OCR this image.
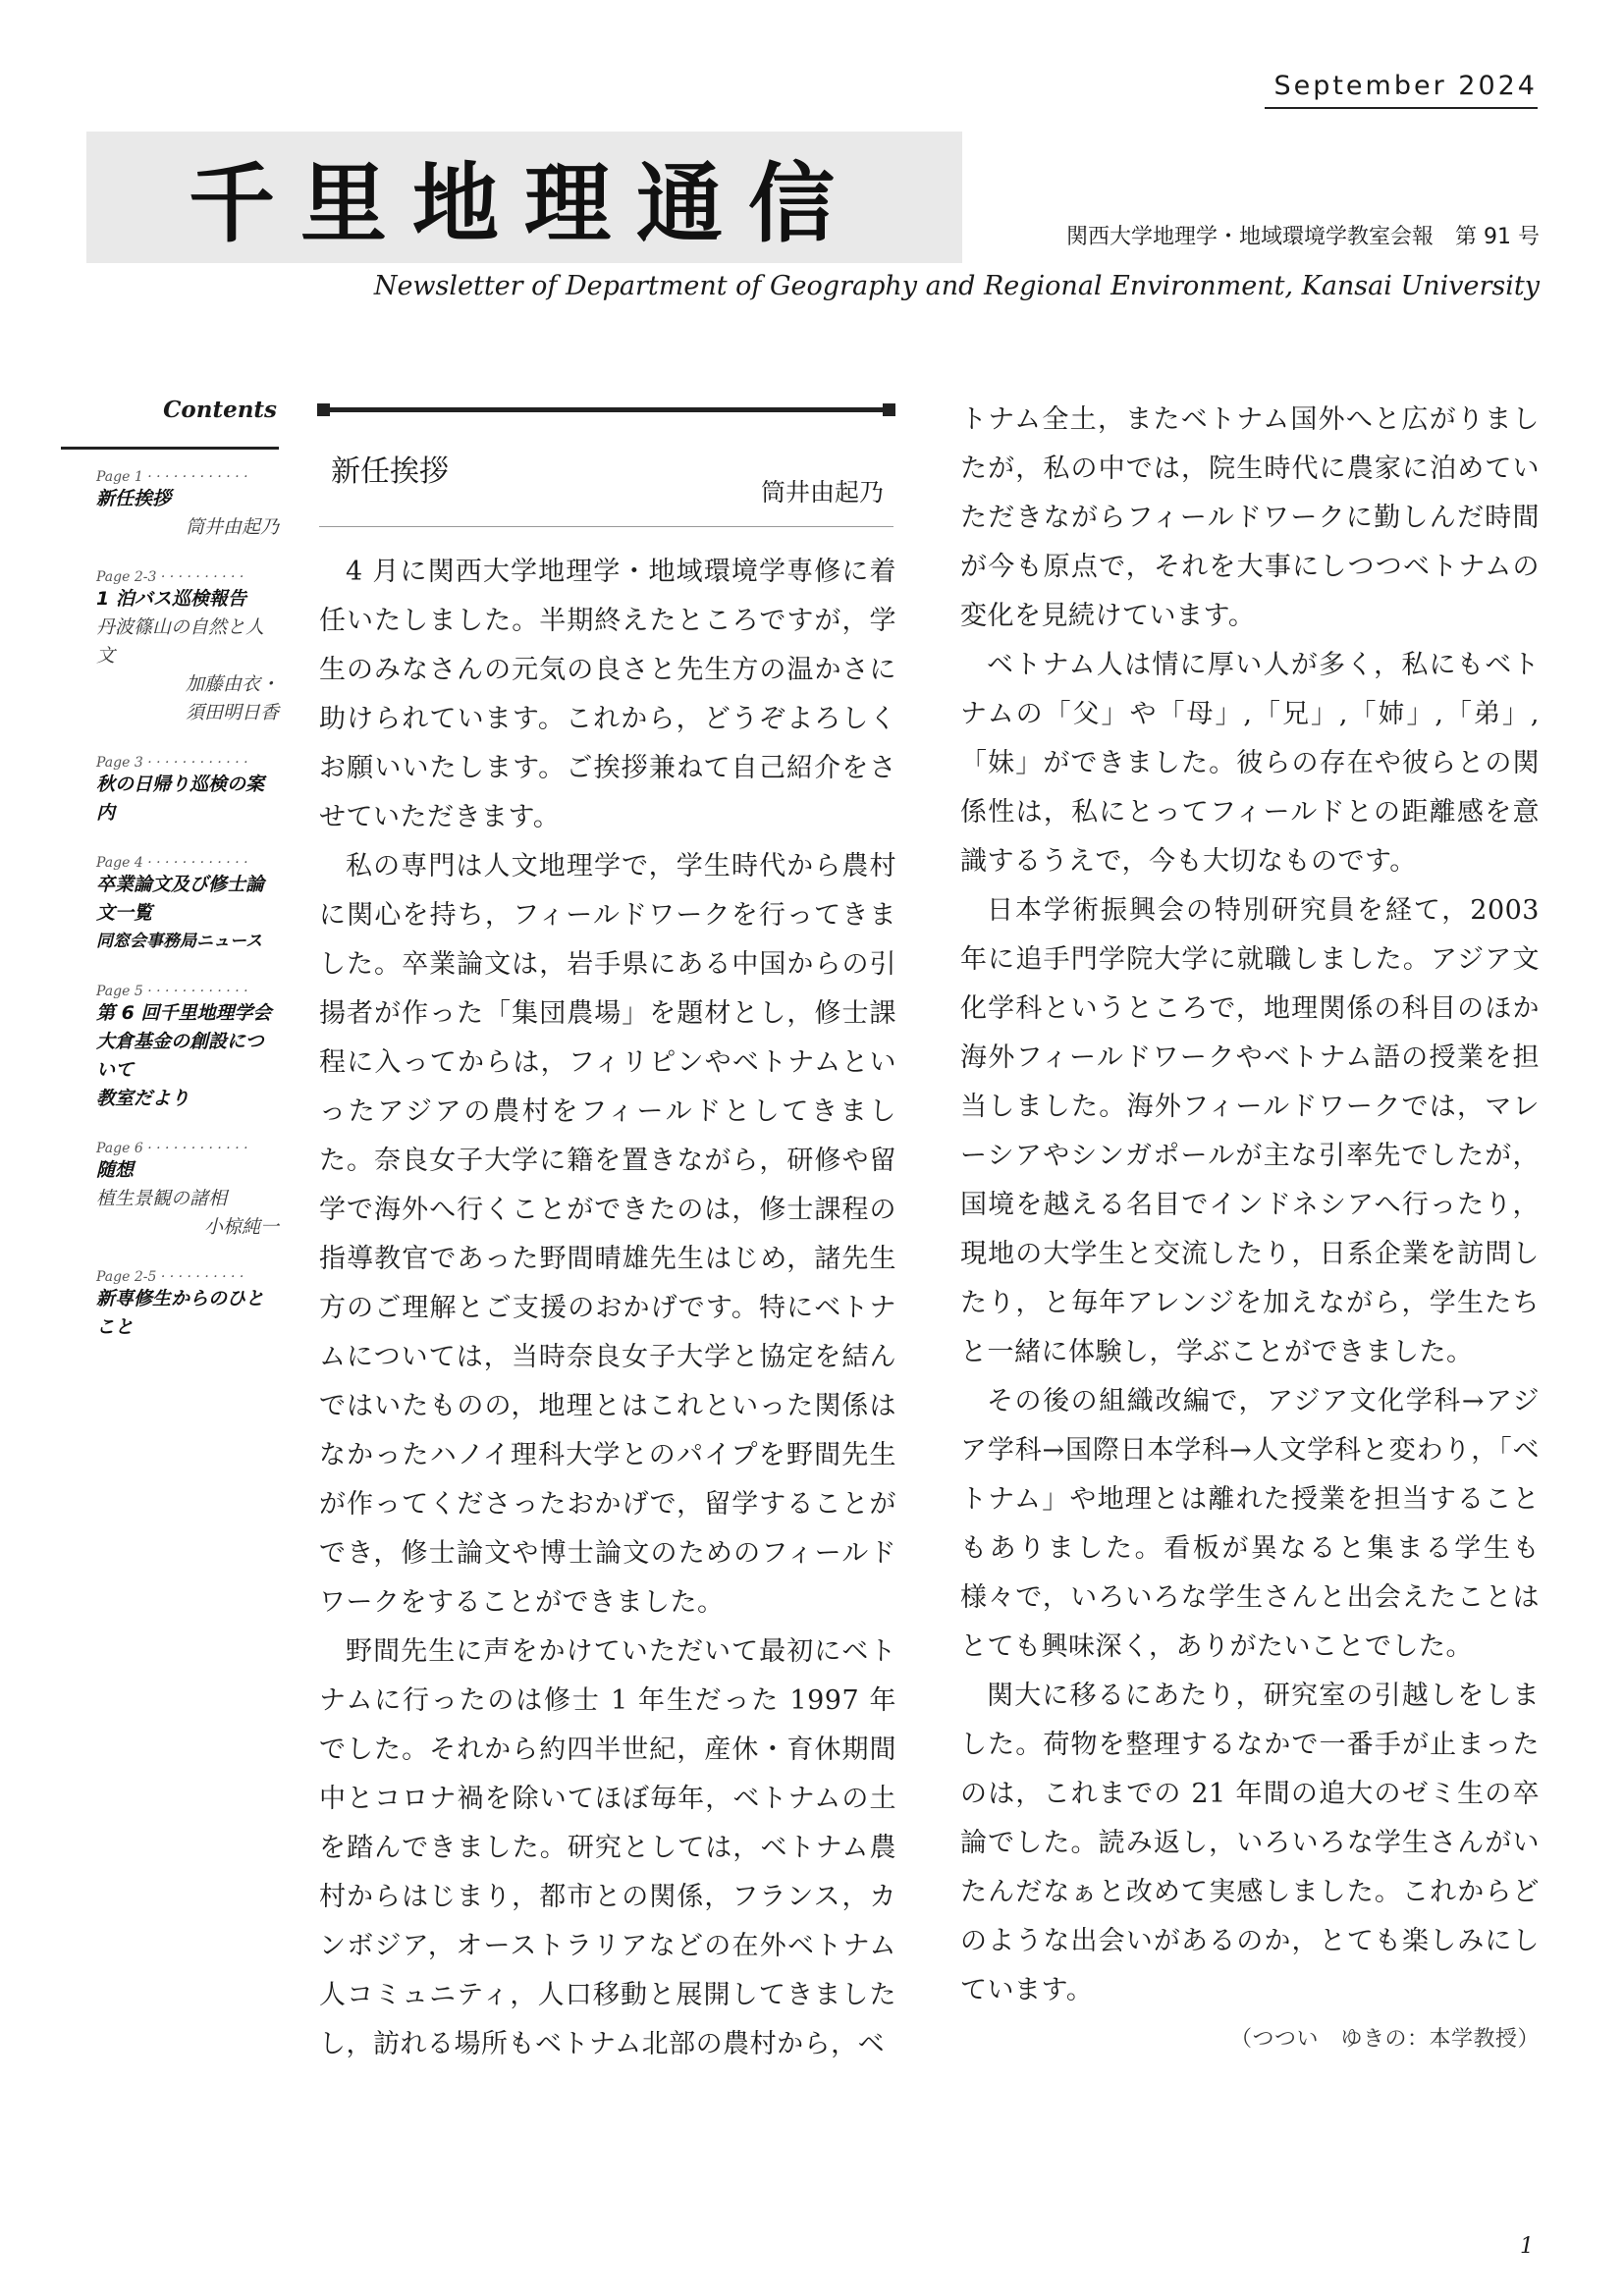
September 2024
千里地理通信	関西大学地理学・地域環境学教室会報　第 91 号
Newsletter of Department of Geography and Regional Environment, Kansai University
Contents
Page 1 · · · · · · · · · · · ·
新任挨拶
筒井由起乃
Page 2-3 · · · · · · · · · ·
1 泊バス巡検報告
丹波篠山の自然と人文
加藤由衣・
須田明日香
Page 3 · · · · · · · · · · · ·
秋の日帰り巡検の案内
Page 4 · · · · · · · · · · · ·
卒業論文及び修士論文一覧
同窓会事務局ニュース
Page 5 · · · · · · · · · · · ·
第 6 回千里地理学会大倉基金の創設について
教室だより
Page 6 · · · · · · · · · · · ·
随想
植生景観の諸相
小椋純一
Page 2-5 · · · · · · · · · ·
新専修生からのひとこと
新任挨拶
筒井由起乃

4 月に関西大学地理学・地域環境学専修に着任いたしました。半期終えたところですが，学生のみなさんの元気の良さと先生方の温かさに助けられています。これから，どうぞよろしくお願いいたします。ご挨拶兼ねて自己紹介をさせていただきます。

私の専門は人文地理学で，学生時代から農村に関心を持ち，フィールドワークを行ってきました。卒業論文は，岩手県にある中国からの引揚者が作った「集団農場」を題材とし，修士課程に入ってからは，フィリピンやベトナムといったアジアの農村をフィールドとしてきました。奈良女子大学に籍を置きながら，研修や留学で海外へ行くことができたのは，修士課程の指導教官であった野間晴雄先生はじめ，諸先生方のご理解とご支援のおかげです。特にベトナムについては，当時奈良女子大学と協定を結んではいたものの，地理とはこれといった関係はなかったハノイ理科大学とのパイプを野間先生が作ってくださったおかげで，留学することができ，修士論文や博士論文のためのフィールドワークをすることができました。

野間先生に声をかけていただいて最初にベトナムに行ったのは修士 1 年生だった 1997 年でした。それから約四半世紀，産休・育休期間中とコロナ禍を除いてほぼ毎年，ベトナムの土を踏んできました。研究としては，ベトナム農村からはじまり，都市との関係，フランス，カンボジア，オーストラリアなどの在外ベトナム人コミュニティ，人口移動と展開してきましたし，訪れる場所もベトナム北部の農村から，ベ

トナム全土，またベトナム国外へと広がりましたが，私の中では，院生時代に農家に泊めていただきながらフィールドワークに勤しんだ時間が今も原点で，それを大事にしつつベトナムの変化を見続けています。

ベトナム人は情に厚い人が多く，私にもベトナムの「父」や「母」,「兄」,「姉」,「弟」,「妹」ができました。彼らの存在や彼らとの関係性は，私にとってフィールドとの距離感を意識するうえで，今も大切なものです。

日本学術振興会の特別研究員を経て，2003 年に追手門学院大学に就職しました。アジア文化学科というところで，地理関係の科目のほか海外フィールドワークやベトナム語の授業を担当しました。海外フィールドワークでは，マレーシアやシンガポールが主な引率先でしたが，国境を越える名目でインドネシアへ行ったり，現地の大学生と交流したり，日系企業を訪問したり，と毎年アレンジを加えながら，学生たちと一緒に体験し，学ぶことができました。

その後の組織改編で，アジア文化学科→アジア学科→国際日本学科→人文学科と変わり，「ベトナム」や地理とは離れた授業を担当することもありました。看板が異なると集まる学生も様々で，いろいろな学生さんと出会えたことはとても興味深く，ありがたいことでした。

関大に移るにあたり，研究室の引越しをしました。荷物を整理するなかで一番手が止まったのは，これまでの 21 年間の追大のゼミ生の卒論でした。読み返し，いろいろな学生さんがいたんだなぁと改めて実感しました。これからどのような出会いがあるのか，とても楽しみにしています。

（つつい　ゆきの：本学教授）

1
